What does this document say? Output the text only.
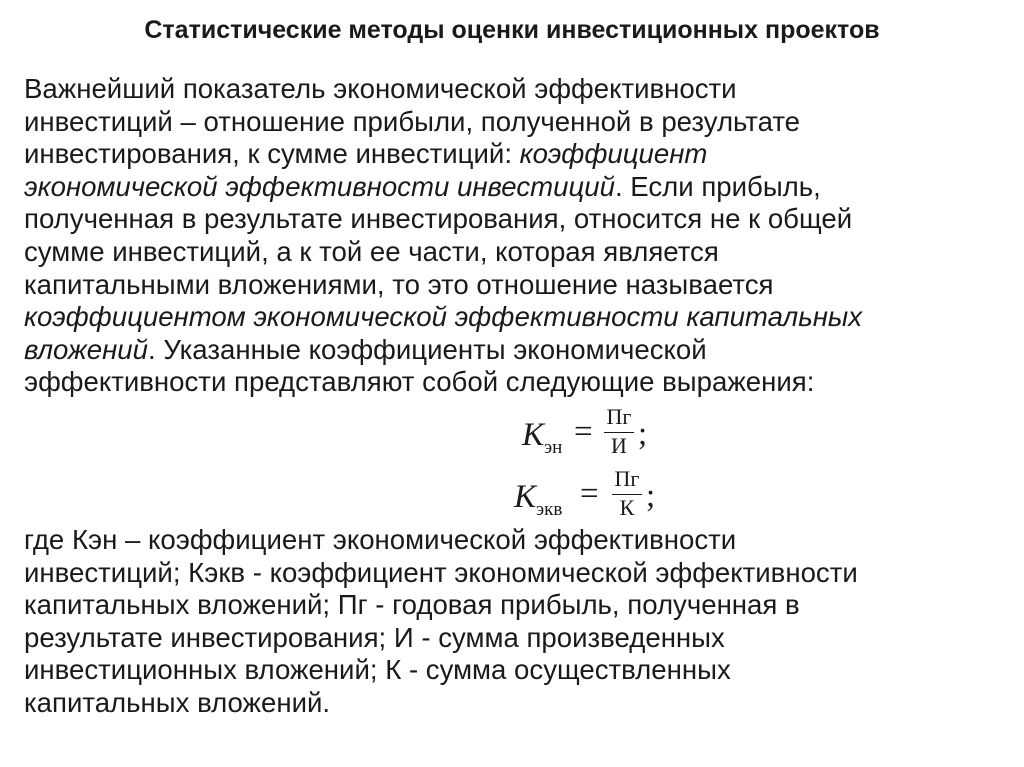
Статистические методы оценки инвестиционных проектов
Важнейший показатель экономической эффективности
инвестиций – отношение прибыли, полученной в результате
инвестирования, к сумме инвестиций: коэффициент
экономической эффективности инвестиций. Если прибыль,
полученная в результате инвестирования, относится не к общей
сумме инвестиций, а к той ее части, которая является
капитальными вложениями, то это отношение называется
коэффициентом экономической эффективности капитальных
вложений. Указанные коэффициенты экономической
эффективности представляют собой следующие выражения:
К эн = Пг
И ;
К экв = Пг
К ;
где Кэн – коэффициент экономической эффективности
инвестиций; Кэкв - коэффициент экономической эффективности
капитальных вложений; Пг - годовая прибыль, полученная в
результате инвестирования; И - сумма произведенных
инвестиционных вложений; К - сумма осуществленных
капитальных вложений.
